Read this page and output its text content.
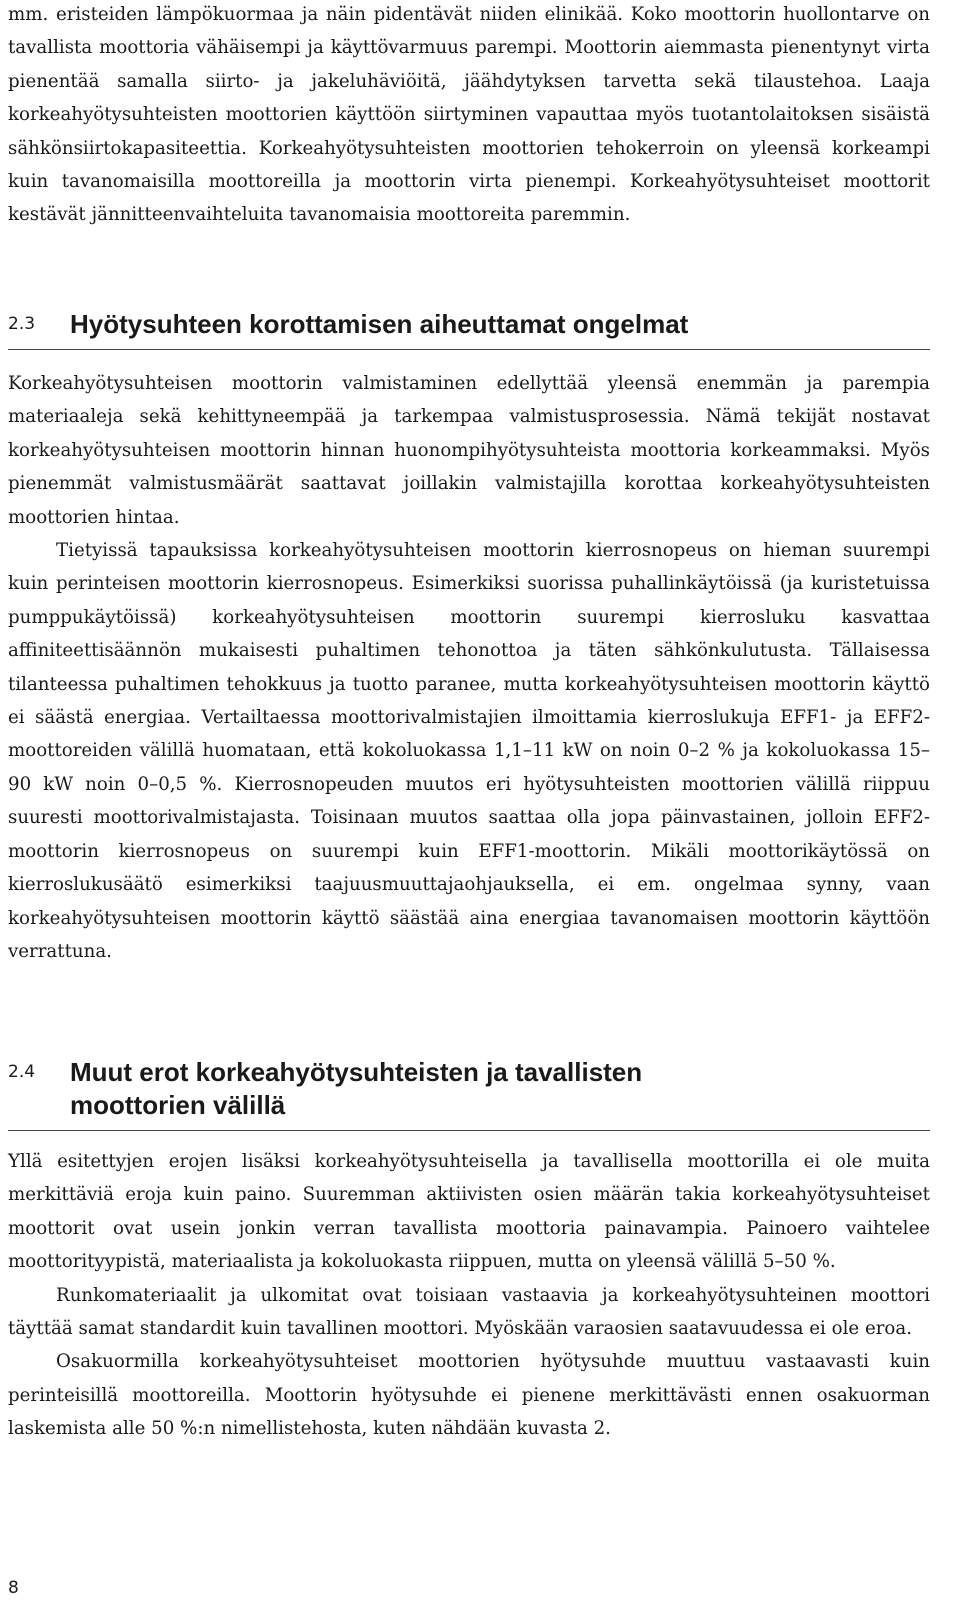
mm. eristeiden lämpökuormaa ja näin pidentävät niiden elinikää. Koko moottorin huollontarve on tavallista moottoria vähäisempi ja käyttövarmuus parempi. Moottorin aiemmasta pienentynyt virta pienentää samalla siirto- ja jakeluhäviöitä, jäähdytyksen tarvetta sekä tilaustehoa. Laaja korkeahyötysuhteisten moottorien käyttöön siirtyminen vapauttaa myös tuotantolaitoksen sisäistä sähkönsiirtokapasiteettia. Korkeahyötysuhteisten moottorien tehokerroin on yleensä korkeampi kuin tavanomaisilla moottoreilla ja moottorin virta pienempi. Korkeahyötysuhteiset moottorit kestävät jännitteenvaihteluita tavanomaisia moottoreita paremmin.

2.3	Hyötysuhteen korottamisen aiheuttamat ongelmat

Korkeahyötysuhteisen moottorin valmistaminen edellyttää yleensä enemmän ja parempia materiaaleja sekä kehittyneempää ja tarkempaa valmistusprosessia. Nämä tekijät nostavat korkeahyötysuhteisen moottorin hinnan huonompihyötysuhteista moottoria korkeammaksi. Myös pienemmät valmistusmäärät saattavat joillakin valmistajilla korottaa korkeahyötysuhteisten moottorien hintaa.

Tietyissä tapauksissa korkeahyötysuhteisen moottorin kierrosnopeus on hieman suurempi kuin perinteisen moottorin kierrosnopeus. Esimerkiksi suorissa puhallinkäytöissä (ja kuristetuissa pumppukäytöissä) korkeahyötysuhteisen moottorin suurempi kierrosluku kasvattaa affiniteettisäännön mukaisesti puhaltimen tehonottoa ja täten sähkönkulutusta. Tällaisessa tilanteessa puhaltimen tehokkuus ja tuotto paranee, mutta korkeahyötysuhteisen moottorin käyttö ei säästä energiaa. Vertailtaessa moottorivalmistajien ilmoittamia kierroslukuja EFF1- ja EFF2-moottoreiden välillä huomataan, että kokoluokassa 1,1–11 kW on noin 0–2 % ja kokoluokassa 15–90 kW noin 0–0,5 %. Kierrosnopeuden muutos eri hyötysuhteisten moottorien välillä riippuu suuresti moottorivalmistajasta. Toisinaan muutos saattaa olla jopa päinvastainen, jolloin EFF2-moottorin kierrosnopeus on suurempi kuin EFF1-moottorin. Mikäli moottorikäytössä on kierroslukusäätö esimerkiksi taajuusmuuttajaohjauksella, ei em. ongelmaa synny, vaan korkeahyötysuhteisen moottorin käyttö säästää aina energiaa tavanomaisen moottorin käyttöön verrattuna.

2.4	Muut erot korkeahyötysuhteisten ja tavallisten
moottorien välillä

Yllä esitettyjen erojen lisäksi korkeahyötysuhteisella ja tavallisella moottorilla ei ole muita merkittäviä eroja kuin paino. Suuremman aktiivisten osien määrän takia korkeahyötysuhteiset moottorit ovat usein jonkin verran tavallista moottoria painavampia. Painoero vaihtelee moottorityypistä, materiaalista ja kokoluokasta riippuen, mutta on yleensä välillä 5–50 %.

Runkomateriaalit ja ulkomitat ovat toisiaan vastaavia ja korkeahyötysuhteinen moottori täyttää samat standardit kuin tavallinen moottori. Myöskään varaosien saatavuudessa ei ole eroa.

Osakuormilla korkeahyötysuhteiset moottorien hyötysuhde muuttuu vastaavasti kuin perinteisillä moottoreilla. Moottorin hyötysuhde ei pienene merkittävästi ennen osakuorman laskemista alle 50 %:n nimellistehosta, kuten nähdään kuvasta 2.

8
